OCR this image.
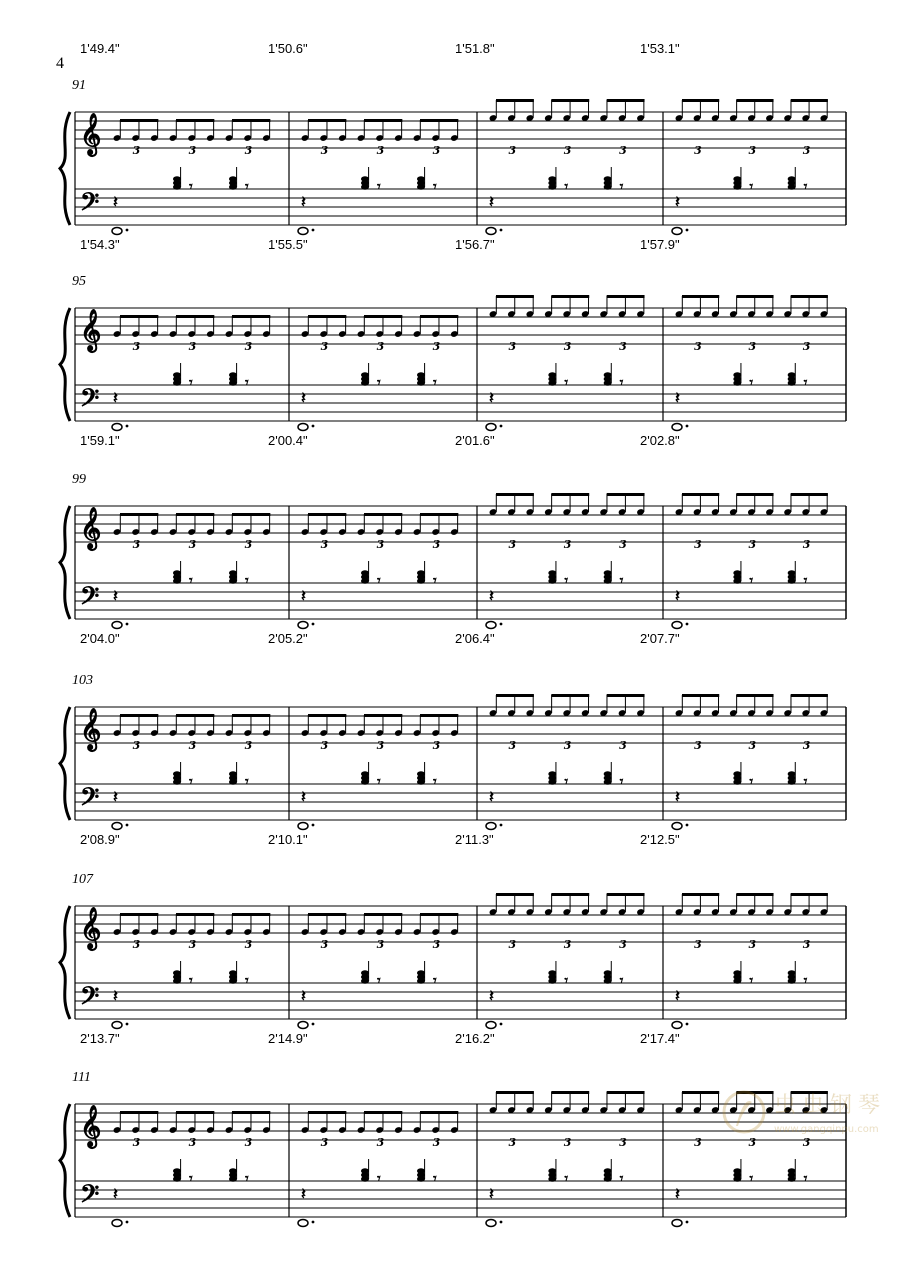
4
𝄞
𝄢
3	3	3
𝄽
𝄾	𝄾
3	3	3
𝄽
𝄾	𝄾
3	3	3
𝄽
𝄾	𝄾
3	3	3
𝄽
𝄾	𝄾
𝄞
𝄢
3	3	3
𝄽
𝄾	𝄾
3	3	3
𝄽
𝄾	𝄾
3	3	3
𝄽
𝄾	𝄾
3	3	3
𝄽
𝄾	𝄾
𝄞
𝄢
3	3	3
𝄽
𝄾	𝄾
3	3	3
𝄽
𝄾	𝄾
3	3	3
𝄽
𝄾	𝄾
3	3	3
𝄽
𝄾	𝄾
𝄞
𝄢
3	3	3
𝄽
𝄾	𝄾
3	3	3
𝄽
𝄾	𝄾
3	3	3
𝄽
𝄾	𝄾
3	3	3
𝄽
𝄾	𝄾
𝄞
𝄢
3	3	3
𝄽
𝄾	𝄾
3	3	3
𝄽
𝄾	𝄾
3	3	3
𝄽
𝄾	𝄾
3	3	3
𝄽
𝄾	𝄾
𝄞
𝄢
3	3	3
𝄽
𝄾	𝄾
3	3	3
𝄽
𝄾	𝄾
3	3	3
𝄽
𝄾	𝄾
3	3	3
𝄽
𝄾	𝄾
虫虫钢琴
www.gangqinpu.com
1'49.4"	1'50.6"	1'51.8"	1'53.1"
1'54.3"	1'55.5"	1'56.7"	1'57.9"
1'59.1"	2'00.4"	2'01.6"	2'02.8"
2'04.0"	2'05.2"	2'06.4"	2'07.7"
2'08.9"	2'10.1"	2'11.3"	2'12.5"
2'13.7"	2'14.9"	2'16.2"	2'17.4"
91
95
99
103
107
111
